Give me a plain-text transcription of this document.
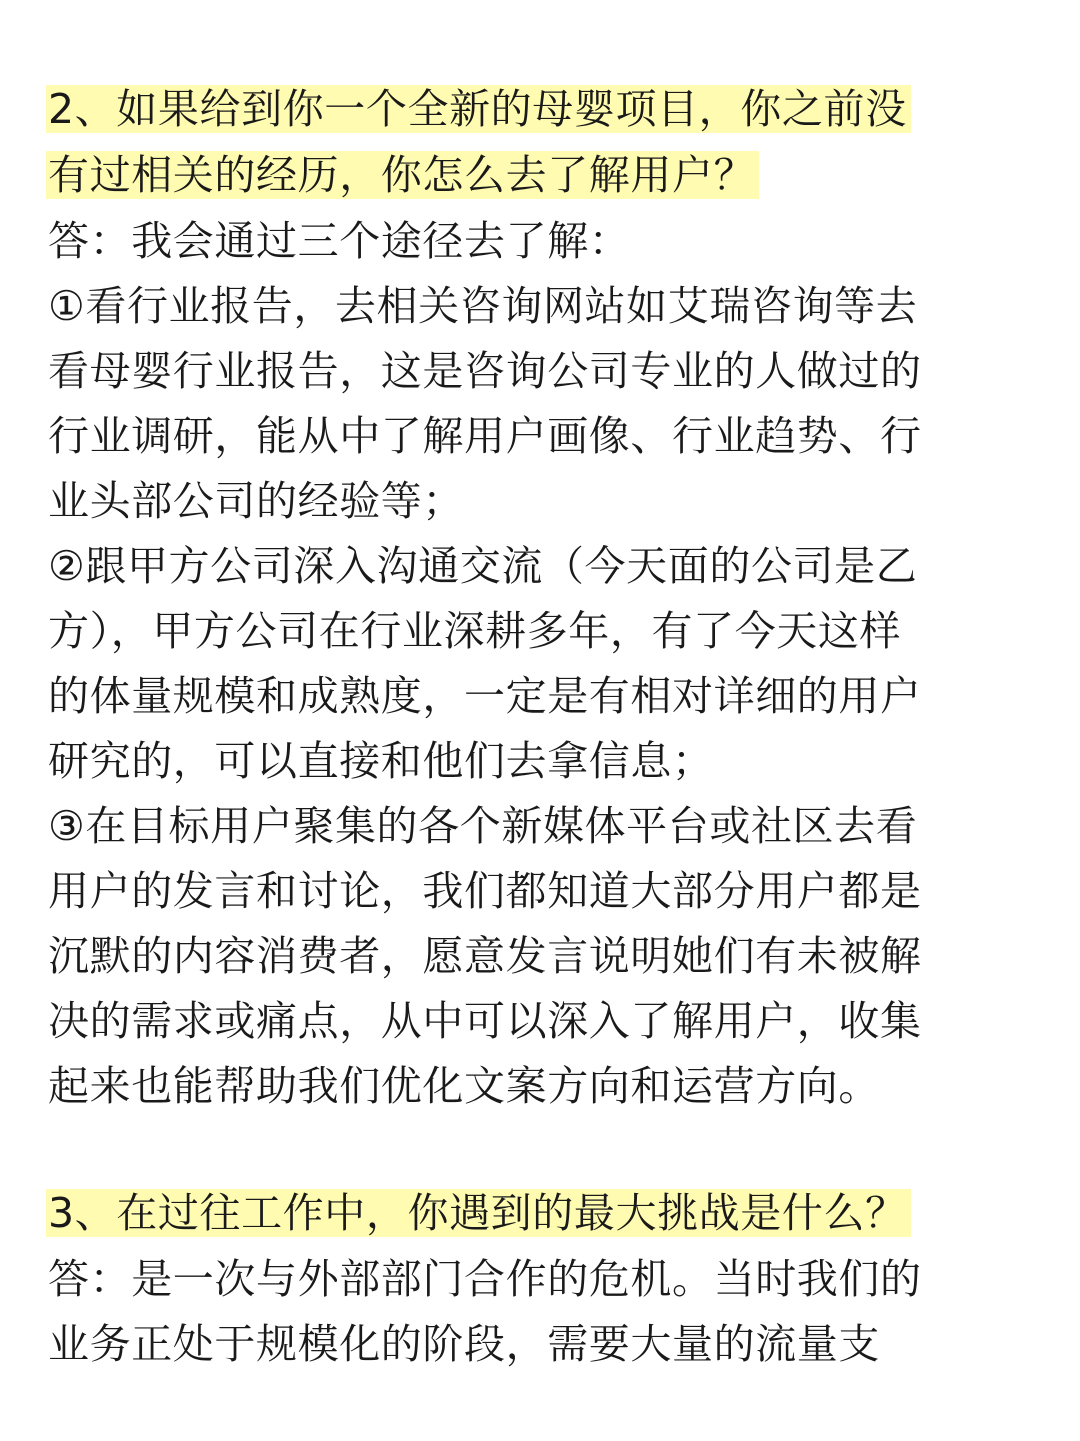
2、如果给到你一个全新的母婴项目，你之前没
有过相关的经历，你怎么去了解用户？
答：我会通过三个途径去了解：
①看行业报告，去相关咨询网站如艾瑞咨询等去
看母婴行业报告，这是咨询公司专业的人做过的
行业调研，能从中了解用户画像、行业趋势、行
业头部公司的经验等；
②跟甲方公司深入沟通交流（今天面的公司是乙
方），甲方公司在行业深耕多年，有了今天这样
的体量规模和成熟度，一定是有相对详细的用户
研究的，可以直接和他们去拿信息；
③在目标用户聚集的各个新媒体平台或社区去看
用户的发言和讨论，我们都知道大部分用户都是
沉默的内容消费者，愿意发言说明她们有未被解
决的需求或痛点，从中可以深入了解用户，收集
起来也能帮助我们优化文案方向和运营方向。
3、在过往工作中，你遇到的最大挑战是什么？
答：是一次与外部部门合作的危机。当时我们的
业务正处于规模化的阶段，需要大量的流量支
